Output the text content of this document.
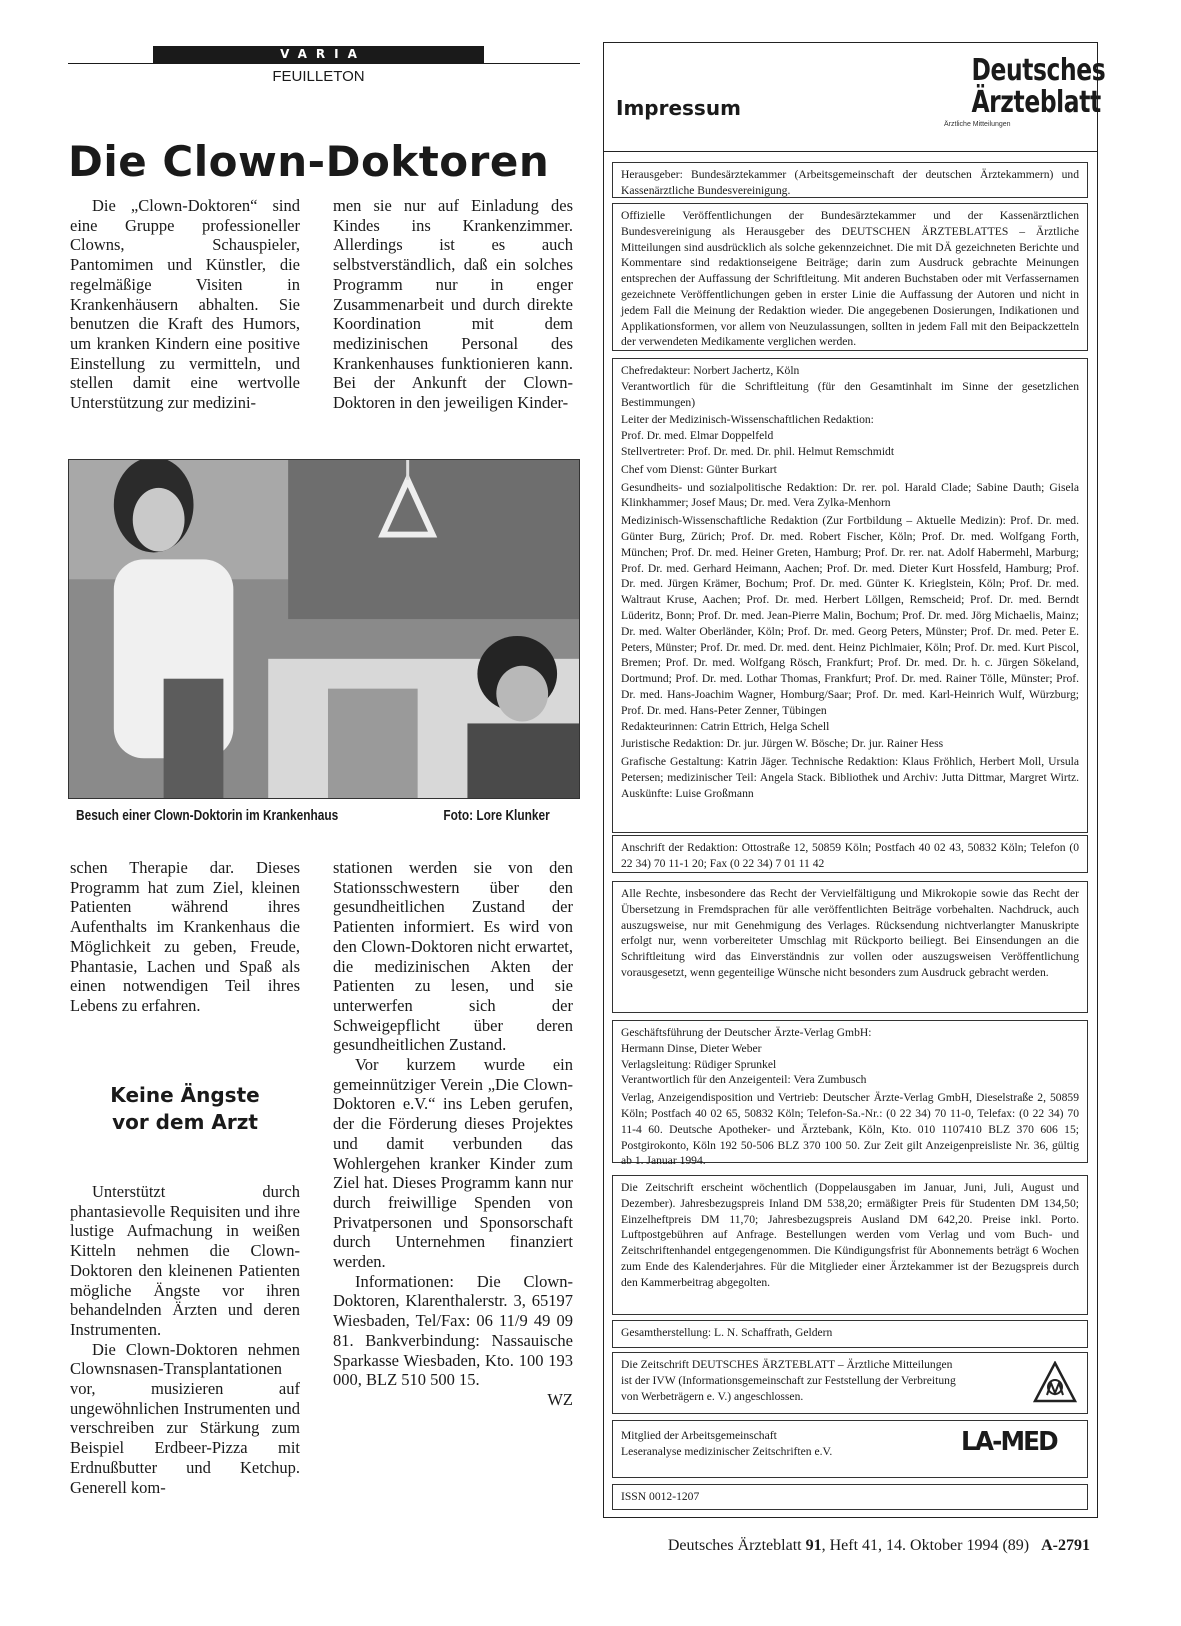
VARIA
FEUILLETON
Die Clown-Doktoren

Die „Clown-Doktoren“ sind eine Gruppe professioneller Clowns, Schauspieler, Pantomimen und Künstler, die regelmäßige Visiten in Krankenhäusern abhalten. Sie benutzen die Kraft des Humors, um kranken Kindern eine positive Einstellung zu vermitteln, und stellen damit eine wertvolle Unterstützung zur medizini-

men sie nur auf Einladung des Kindes ins Krankenzimmer. Allerdings ist es auch selbstverständlich, daß ein solches Programm nur in enger Zusammenarbeit und durch direkte Koordination mit dem medizinischen Personal des Krankenhauses funktionieren kann. Bei der Ankunft der Clown-Doktoren in den jeweiligen Kinder-

Besuch einer Clown-Doktorin im Krankenhaus	Foto: Lore Klunker

schen Therapie dar. Dieses Programm hat zum Ziel, kleinen Patienten während ihres Aufenthalts im Krankenhaus die Möglichkeit zu geben, Freude, Phantasie, Lachen und Spaß als einen notwendigen Teil ihres Lebens zu erfahren.

Keine Ängste
vor dem Arzt

Unterstützt durch phantasievolle Requisiten und ihre lustige Aufmachung in weißen Kitteln nehmen die Clown-Doktoren den kleinenen Patienten mögliche Ängste vor ihren behandelnden Ärzten und deren Instrumenten.

Die Clown-Doktoren nehmen Clownsnasen-Transplantationen vor, musizieren auf ungewöhnlichen Instrumenten und verschreiben zur Stärkung zum Beispiel Erdbeer-Pizza mit Erdnußbutter und Ketchup. Generell kom-

stationen werden sie von den Stationsschwestern über den gesundheitlichen Zustand der Patienten informiert. Es wird von den Clown-Doktoren nicht erwartet, die medizinischen Akten der Patienten zu lesen, und sie unterwerfen sich der Schweigepflicht über deren gesundheitlichen Zustand.

Vor kurzem wurde ein gemeinnütziger Verein „Die Clown-Doktoren e.V.“ ins Leben gerufen, der die Förderung dieses Projektes und damit verbunden das Wohlergehen kranker Kinder zum Ziel hat. Dieses Programm kann nur durch freiwillige Spenden von Privatpersonen und Sponsorschaft durch Unternehmen finanziert werden.

Informationen: Die Clown-Doktoren, Klarenthalerstr. 3, 65197 Wiesbaden, Tel/Fax: 06 11/9 49 09 81. Bankverbindung: Nassauische Sparkasse Wiesbaden, Kto. 100 193 000, BLZ 510 500 15.

WZ

Impressum
Deutsches
Ärzteblatt
Ärztliche Mitteilungen

Herausgeber: Bundesärztekammer (Arbeitsgemeinschaft der deutschen Ärztekammern) und Kassenärztliche Bundesvereinigung.

Offizielle Veröffentlichungen der Bundesärztekammer und der Kassenärztlichen Bundesvereinigung als Herausgeber des DEUTSCHEN ÄRZTEBLATTES – Ärztliche Mitteilungen sind ausdrücklich als solche gekennzeichnet. Die mit DÄ gezeichneten Berichte und Kommentare sind redaktionseigene Beiträge; darin zum Ausdruck gebrachte Meinungen entsprechen der Auffassung der Schriftleitung. Mit anderen Buchstaben oder mit Verfassernamen gezeichnete Veröffentlichungen geben in erster Linie die Auffassung der Autoren und nicht in jedem Fall die Meinung der Redaktion wieder. Die angegebenen Dosierungen, Indikationen und Applikationsformen, vor allem von Neuzulassungen, sollten in jedem Fall mit den Beipackzetteln der verwendeten Medikamente verglichen werden.

Chefredakteur: Norbert Jachertz, Köln

Verantwortlich für die Schriftleitung (für den Gesamtinhalt im Sinne der gesetzlichen Bestimmungen)

Leiter der Medizinisch-Wissenschaftlichen Redaktion:

Prof. Dr. med. Elmar Doppelfeld

Stellvertreter: Prof. Dr. med. Dr. phil. Helmut Remschmidt

Chef vom Dienst: Günter Burkart

Gesundheits- und sozialpolitische Redaktion: Dr. rer. pol. Harald Clade; Sabine Dauth; Gisela Klinkhammer; Josef Maus; Dr. med. Vera Zylka-Menhorn

Medizinisch-Wissenschaftliche Redaktion (Zur Fortbildung – Aktuelle Medizin): Prof. Dr. med. Günter Burg, Zürich; Prof. Dr. med. Robert Fischer, Köln; Prof. Dr. med. Wolfgang Forth, München; Prof. Dr. med. Heiner Greten, Hamburg; Prof. Dr. rer. nat. Adolf Habermehl, Marburg; Prof. Dr. med. Gerhard Heimann, Aachen; Prof. Dr. med. Dieter Kurt Hossfeld, Hamburg; Prof. Dr. med. Jürgen Krämer, Bochum; Prof. Dr. med. Günter K. Krieglstein, Köln; Prof. Dr. med. Waltraut Kruse, Aachen; Prof. Dr. med. Herbert Löllgen, Remscheid; Prof. Dr. med. Berndt Lüderitz, Bonn; Prof. Dr. med. Jean-Pierre Malin, Bochum; Prof. Dr. med. Jörg Michaelis, Mainz; Dr. med. Walter Oberländer, Köln; Prof. Dr. med. Georg Peters, Münster; Prof. Dr. med. Peter E. Peters, Münster; Prof. Dr. med. Dr. med. dent. Heinz Pichlmaier, Köln; Prof. Dr. med. Kurt Piscol, Bremen; Prof. Dr. med. Wolfgang Rösch, Frankfurt; Prof. Dr. med. Dr. h. c. Jürgen Sökeland, Dortmund; Prof. Dr. med. Lothar Thomas, Frankfurt; Prof. Dr. med. Rainer Tölle, Münster; Prof. Dr. med. Hans-Joachim Wagner, Homburg/Saar; Prof. Dr. med. Karl-Heinrich Wulf, Würzburg; Prof. Dr. med. Hans-Peter Zenner, Tübingen

Redakteurinnen: Catrin Ettrich, Helga Schell

Juristische Redaktion: Dr. jur. Jürgen W. Bösche; Dr. jur. Rainer Hess

Grafische Gestaltung: Katrin Jäger. Technische Redaktion: Klaus Fröhlich, Herbert Moll, Ursula Petersen; medizinischer Teil: Angela Stack. Bibliothek und Archiv: Jutta Dittmar, Margret Wirtz. Auskünfte: Luise Großmann

Anschrift der Redaktion: Ottostraße 12, 50859 Köln; Postfach 40 02 43, 50832 Köln; Telefon (0 22 34) 70 11-1 20; Fax (0 22 34) 7 01 11 42

Alle Rechte, insbesondere das Recht der Vervielfältigung und Mikrokopie sowie das Recht der Übersetzung in Fremdsprachen für alle veröffentlichten Beiträge vorbehalten. Nachdruck, auch auszugsweise, nur mit Genehmigung des Verlages. Rücksendung nichtverlangter Manuskripte erfolgt nur, wenn vorbereiteter Umschlag mit Rückporto beiliegt. Bei Einsendungen an die Schriftleitung wird das Einverständnis zur vollen oder auszugsweisen Veröffentlichung vorausgesetzt, wenn gegenteilige Wünsche nicht besonders zum Ausdruck gebracht werden.

Geschäftsführung der Deutscher Ärzte-Verlag GmbH:

Hermann Dinse, Dieter Weber

Verlagsleitung: Rüdiger Sprunkel

Verantwortlich für den Anzeigenteil: Vera Zumbusch

Verlag, Anzeigendisposition und Vertrieb: Deutscher Ärzte-Verlag GmbH, Dieselstraße 2, 50859 Köln; Postfach 40 02 65, 50832 Köln; Telefon-Sa.-Nr.: (0 22 34) 70 11-0, Telefax: (0 22 34) 70 11-4 60. Deutsche Apotheker- und Ärztebank, Köln, Kto. 010 1107410 BLZ 370 606 15; Postgirokonto, Köln 192 50-506 BLZ 370 100 50. Zur Zeit gilt Anzeigenpreisliste Nr. 36, gültig ab 1. Januar 1994.

Die Zeitschrift erscheint wöchentlich (Doppelausgaben im Januar, Juni, Juli, August und Dezember). Jahresbezugspreis Inland DM 538,20; ermäßigter Preis für Studenten DM 134,50; Einzelheftpreis DM 11,70; Jahresbezugspreis Ausland DM 642,20. Preise inkl. Porto. Luftpostgebühren auf Anfrage. Bestellungen werden vom Verlag und vom Buch- und Zeitschriftenhandel entgegengenommen. Die Kündigungsfrist für Abonnements beträgt 6 Wochen zum Ende des Kalenderjahres. Für die Mitglieder einer Ärztekammer ist der Bezugspreis durch den Kammerbeitrag abgegolten.

Gesamtherstellung: L. N. Schaffrath, Geldern

Die Zeitschrift DEUTSCHES ÄRZTEBLATT – Ärztliche Mitteilungen ist der IVW (Informationsgemeinschaft zur Feststellung der Verbreitung von Werbeträgern e. V.) angeschlossen.

Mitglied der Arbeitsgemeinschaft

Leseranalyse medizinischer Zeitschriften e.V.	LA-MED

ISSN 0012-1207

Deutsches Ärzteblatt 91, Heft 41, 14. Oktober 1994 (89) A-2791
